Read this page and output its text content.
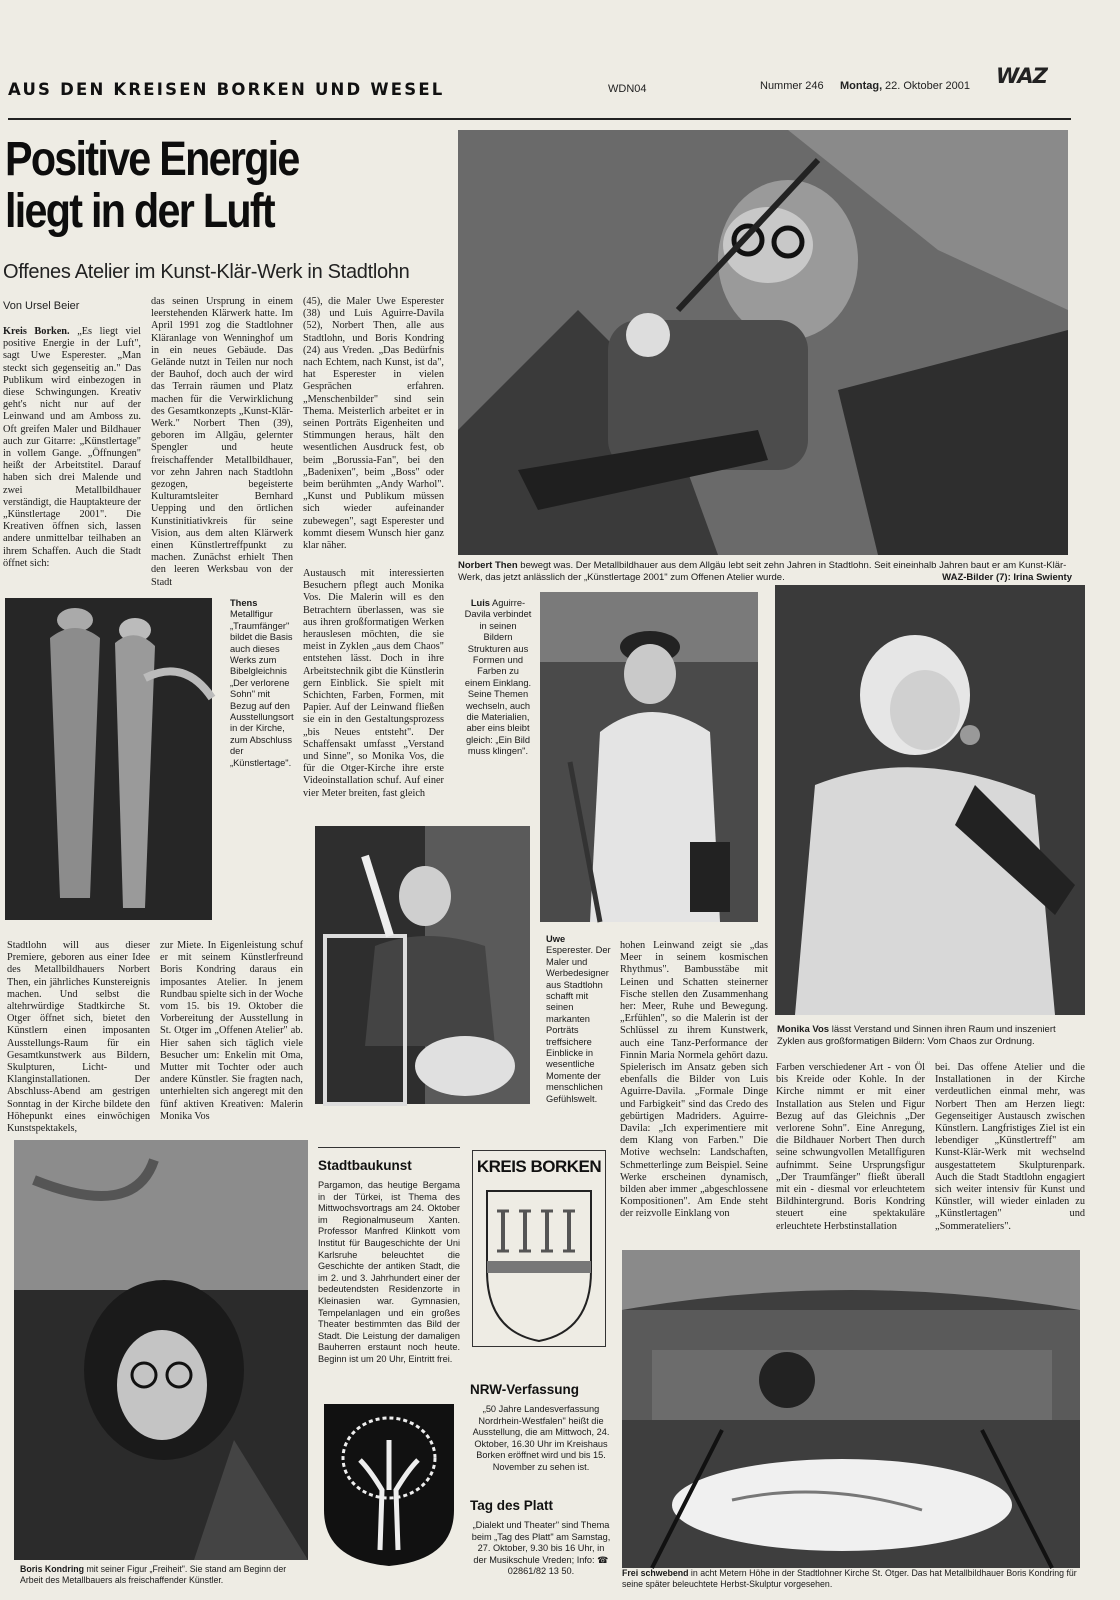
AUS DEN KREISEN BORKEN UND WESEL	WDN04	Nummer 246 Montag, 22. Oktober 2001 WAZ
Positive Energie
liegt in der Luft
Offenes Atelier im Kunst-Klär-Werk in Stadtlohn
Von Ursel Beier

Kreis Borken. „Es liegt viel positive Energie in der Luft", sagt Uwe Esperester. „Man steckt sich gegenseitig an." Das Publikum wird einbezogen in diese Schwingungen. Kreativ geht's nicht nur auf der Leinwand und am Amboss zu. Oft greifen Maler und Bildhauer auch zur Gitarre: „Künstlertage" in vollem Gange. „Öffnungen" heißt der Arbeitstitel. Darauf haben sich drei Malende und zwei Metallbildhauer verständigt, die Hauptakteure der „Künstlertage 2001". Die Kreativen öffnen sich, lassen andere unmittelbar teilhaben an ihrem Schaffen. Auch die Stadt öffnet sich:

das seinen Ursprung in einem leerstehenden Klärwerk hatte. Im April 1991 zog die Stadtlohner Kläranlage von Wenninghof um in ein neues Gebäude. Das Gelände nutzt in Teilen nur noch der Bauhof, doch auch der wird das Terrain räumen und Platz machen für die Verwirklichung des Gesamtkonzepts „Kunst-Klär-Werk." Norbert Then (39), geboren im Allgäu, gelernter Spengler und heute freischaffender Metallbildhauer, vor zehn Jahren nach Stadtlohn gezogen, begeisterte Kulturamtsleiter Bernhard Uepping und den örtlichen Kunstinitiativkreis für seine Vision, aus dem alten Klärwerk einen Künstlertreffpunkt zu machen. Zunächst erhielt Then den leeren Werksbau von der Stadt

(45), die Maler Uwe Esperester (38) und Luis Aguirre-Davila (52), Norbert Then, alle aus Stadtlohn, und Boris Kondring (24) aus Vreden. „Das Bedürfnis nach Echtem, nach Kunst, ist da", hat Esperester in vielen Gesprächen erfahren. „Menschenbilder" sind sein Thema. Meisterlich arbeitet er in seinen Porträts Eigenheiten und Stimmungen heraus, hält den wesentlichen Ausdruck fest, ob beim „Borussia-Fan", bei den „Badenixen", beim „Boss" oder beim berühmten „Andy Warhol". „Kunst und Publikum müssen sich wieder aufeinander zubewegen", sagt Esperester und kommt diesem Wunsch hier ganz klar näher.

Austausch mit interessierten Besuchern pflegt auch Monika Vos. Die Malerin will es den Betrachtern überlassen, was sie aus ihren großformatigen Werken herauslesen möchten, die sie meist in Zyklen „aus dem Chaos" entstehen lässt. Doch in ihre Arbeitstechnik gibt die Künstlerin gern Einblick. Sie spielt mit Schichten, Farben, Formen, mit Papier. Auf der Leinwand fließen sie ein in den Gestaltungsprozess „bis Neues entsteht". Der Schaffensakt umfasst „Verstand und Sinne", so Monika Vos, die für die Otger-Kirche ihre erste Videoinstallation schuf. Auf einer vier Meter breiten, fast gleich

Norbert Then bewegt was. Der Metallbildhauer aus dem Allgäu lebt seit zehn Jahren in Stadtlohn. Seit eineinhalb Jahren baut er am Kunst-Klär-Werk, das jetzt anlässlich der „Künstlertage 2001" zum Offenen Atelier wurde.	WAZ-Bilder (7): Irina Swienty

Thens Metallfigur „Traumfänger" bildet die Basis auch dieses Werks zum Bibelgleichnis „Der verlorene Sohn" mit Bezug auf den Ausstellungsort in der Kirche, zum Abschluss der „Künstlertage".

Luis Aguirre-Davila verbindet in seinen Bildern Strukturen aus Formen und Farben zu einem Einklang. Seine Themen wechseln, auch die Materialien, aber eins bleibt gleich: „Ein Bild muss klingen".

Monika Vos lässt Verstand und Sinnen ihren Raum und inszeniert Zyklen aus großformatigen Bildern: Vom Chaos zur Ordnung.

Uwe Esperester. Der Maler und Werbedesigner aus Stadtlohn schafft mit seinen markanten Porträts treffsichere Einblicke in wesentliche Momente der menschlichen Gefühlswelt.

Stadtlohn will aus dieser Premiere, geboren aus einer Idee des Metallbildhauers Norbert Then, ein jährliches Kunstereignis machen. Und selbst die altehrwürdige Stadtkirche St. Otger öffnet sich, bietet den Künstlern einen imposanten Ausstellungs-Raum für ein Gesamtkunstwerk aus Bildern, Skulpturen, Licht- und Klanginstallationen. Der Abschluss-Abend am gestrigen Sonntag in der Kirche bildete den Höhepunkt eines einwöchigen Kunstspektakels,

zur Miete. In Eigenleistung schuf er mit seinem Künstlerfreund Boris Kondring daraus ein imposantes Atelier. In jenem Rundbau spielte sich in der Woche vom 15. bis 19. Oktober die Vorbereitung der Ausstellung in St. Otger im „Offenen Atelier" ab. Hier sahen sich täglich viele Besucher um: Enkelin mit Oma, Mutter mit Tochter oder auch andere Künstler. Sie fragten nach, unterhielten sich angeregt mit den fünf aktiven Kreativen: Malerin Monika Vos

hohen Leinwand zeigt sie „das Meer in seinem kosmischen Rhythmus". Bambusstäbe mit Leinen und Schatten steinerner Fische stellen den Zusammenhang her: Meer, Ruhe und Bewegung. „Erfühlen", so die Malerin ist der Schlüssel zu ihrem Kunstwerk, auch eine Tanz-Performance der Finnin Maria Normela gehört dazu. Spielerisch im Ansatz geben sich ebenfalls die Bilder von Luis Aguirre-Davila. „Formale Dinge und Farbigkeit" sind das Credo des gebürtigen Madriders. Aguirre-Davila: „Ich experimentiere mit dem Klang von Farben." Die Motive wechseln: Landschaften, Schmetterlinge zum Beispiel. Seine Werke erscheinen dynamisch, bilden aber immer „abgeschlossene Kompositionen". Am Ende steht der reizvolle Einklang von

Farben verschiedener Art - von Öl bis Kreide oder Kohle. In der Kirche nimmt er mit einer Installation aus Stelen und Figur Bezug auf das Gleichnis „Der verlorene Sohn". Eine Anregung, die Bildhauer Norbert Then durch seine schwungvollen Metallfiguren aufnimmt. Seine Ursprungsfigur „Der Traumfänger" fließt überall mit ein - diesmal vor erleuchtetem Bildhintergrund. Boris Kondring steuert eine spektakuläre erleuchtete Herbstinstallation

bei. Das offene Atelier und die Installationen in der Kirche verdeutlichen einmal mehr, was Norbert Then am Herzen liegt: Gegenseitiger Austausch zwischen Künstlern. Langfristiges Ziel ist ein lebendiger „Künstlertreff" am Kunst-Klär-Werk mit wechselnd ausgestattetem Skulpturenpark. Auch die Stadt Stadtlohn engagiert sich weiter intensiv für Kunst und Künstler, will wieder einladen zu „Künstlertagen" und „Sommerateliers".

Boris Kondring mit seiner Figur „Freiheit". Sie stand am Beginn der Arbeit des Metallbauers als freischaffender Künstler.

Stadtbaukunst

Pargamon, das heutige Bergama in der Türkei, ist Thema des Mittwochsvortrags am 24. Oktober im Regionalmuseum Xanten. Professor Manfred Klinkott vom Institut für Baugeschichte der Uni Karlsruhe beleuchtet die Geschichte der antiken Stadt, die im 2. und 3. Jahrhundert einer der bedeutendsten Residenzorte in Kleinasien war. Gymnasien, Tempelanlagen und ein großes Theater bestimmten das Bild der Stadt. Die Leistung der damaligen Bauherren erstaunt noch heute. Beginn ist um 20 Uhr, Eintritt frei.

KREIS BORKEN
NRW-Verfassung

„50 Jahre Landesverfassung Nordrhein-Westfalen" heißt die Ausstellung, die am Mittwoch, 24. Oktober, 16.30 Uhr im Kreishaus Borken eröffnet wird und bis 15. November zu sehen ist.

Tag des Platt

„Dialekt und Theater" sind Thema beim „Tag des Platt" am Samstag, 27. Oktober, 9.30 bis 16 Uhr, in der Musikschule Vreden; Info: ☎ 02861/82 13 50.	Frei schwebend in acht Metern Höhe in der Stadtlohner Kirche St. Otger. Das hat Metallbildhauer Boris Kondring für seine später beleuchtete Herbst-Skulptur vorgesehen.
